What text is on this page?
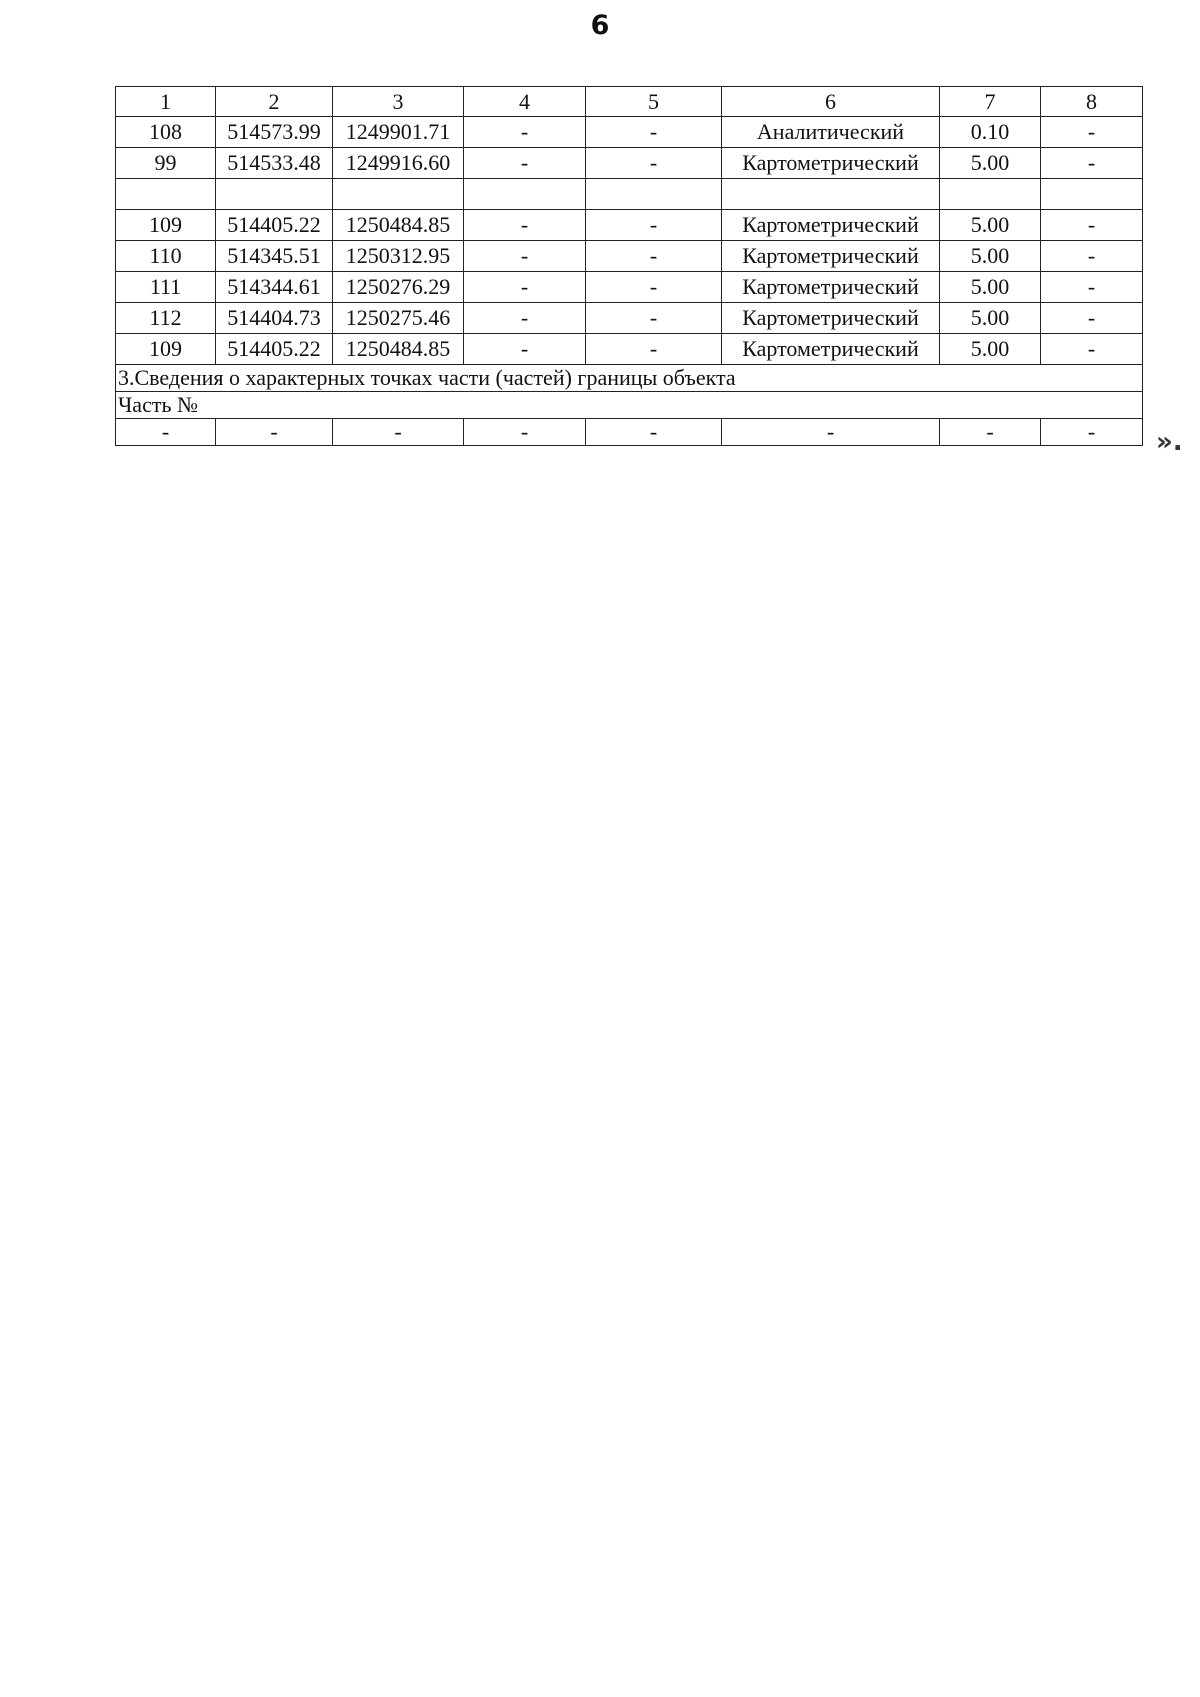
6
1	2	3	4	5	6	7	8
108	514573.99	1249901.71	-	-	Аналитический	0.10	-
99	514533.48	1249916.60	-	-	Картометрический	5.00	-

109	514405.22	1250484.85	-	-	Картометрический	5.00	-
110	514345.51	1250312.95	-	-	Картометрический	5.00	-
111	514344.61	1250276.29	-	-	Картометрический	5.00	-
112	514404.73	1250275.46	-	-	Картометрический	5.00	-
109	514405.22	1250484.85	-	-	Картометрический	5.00	-
3.Сведения о характерных точках части (частей) границы объекта							
Часть №							
-	-	-	-	-	-	-	- ».
